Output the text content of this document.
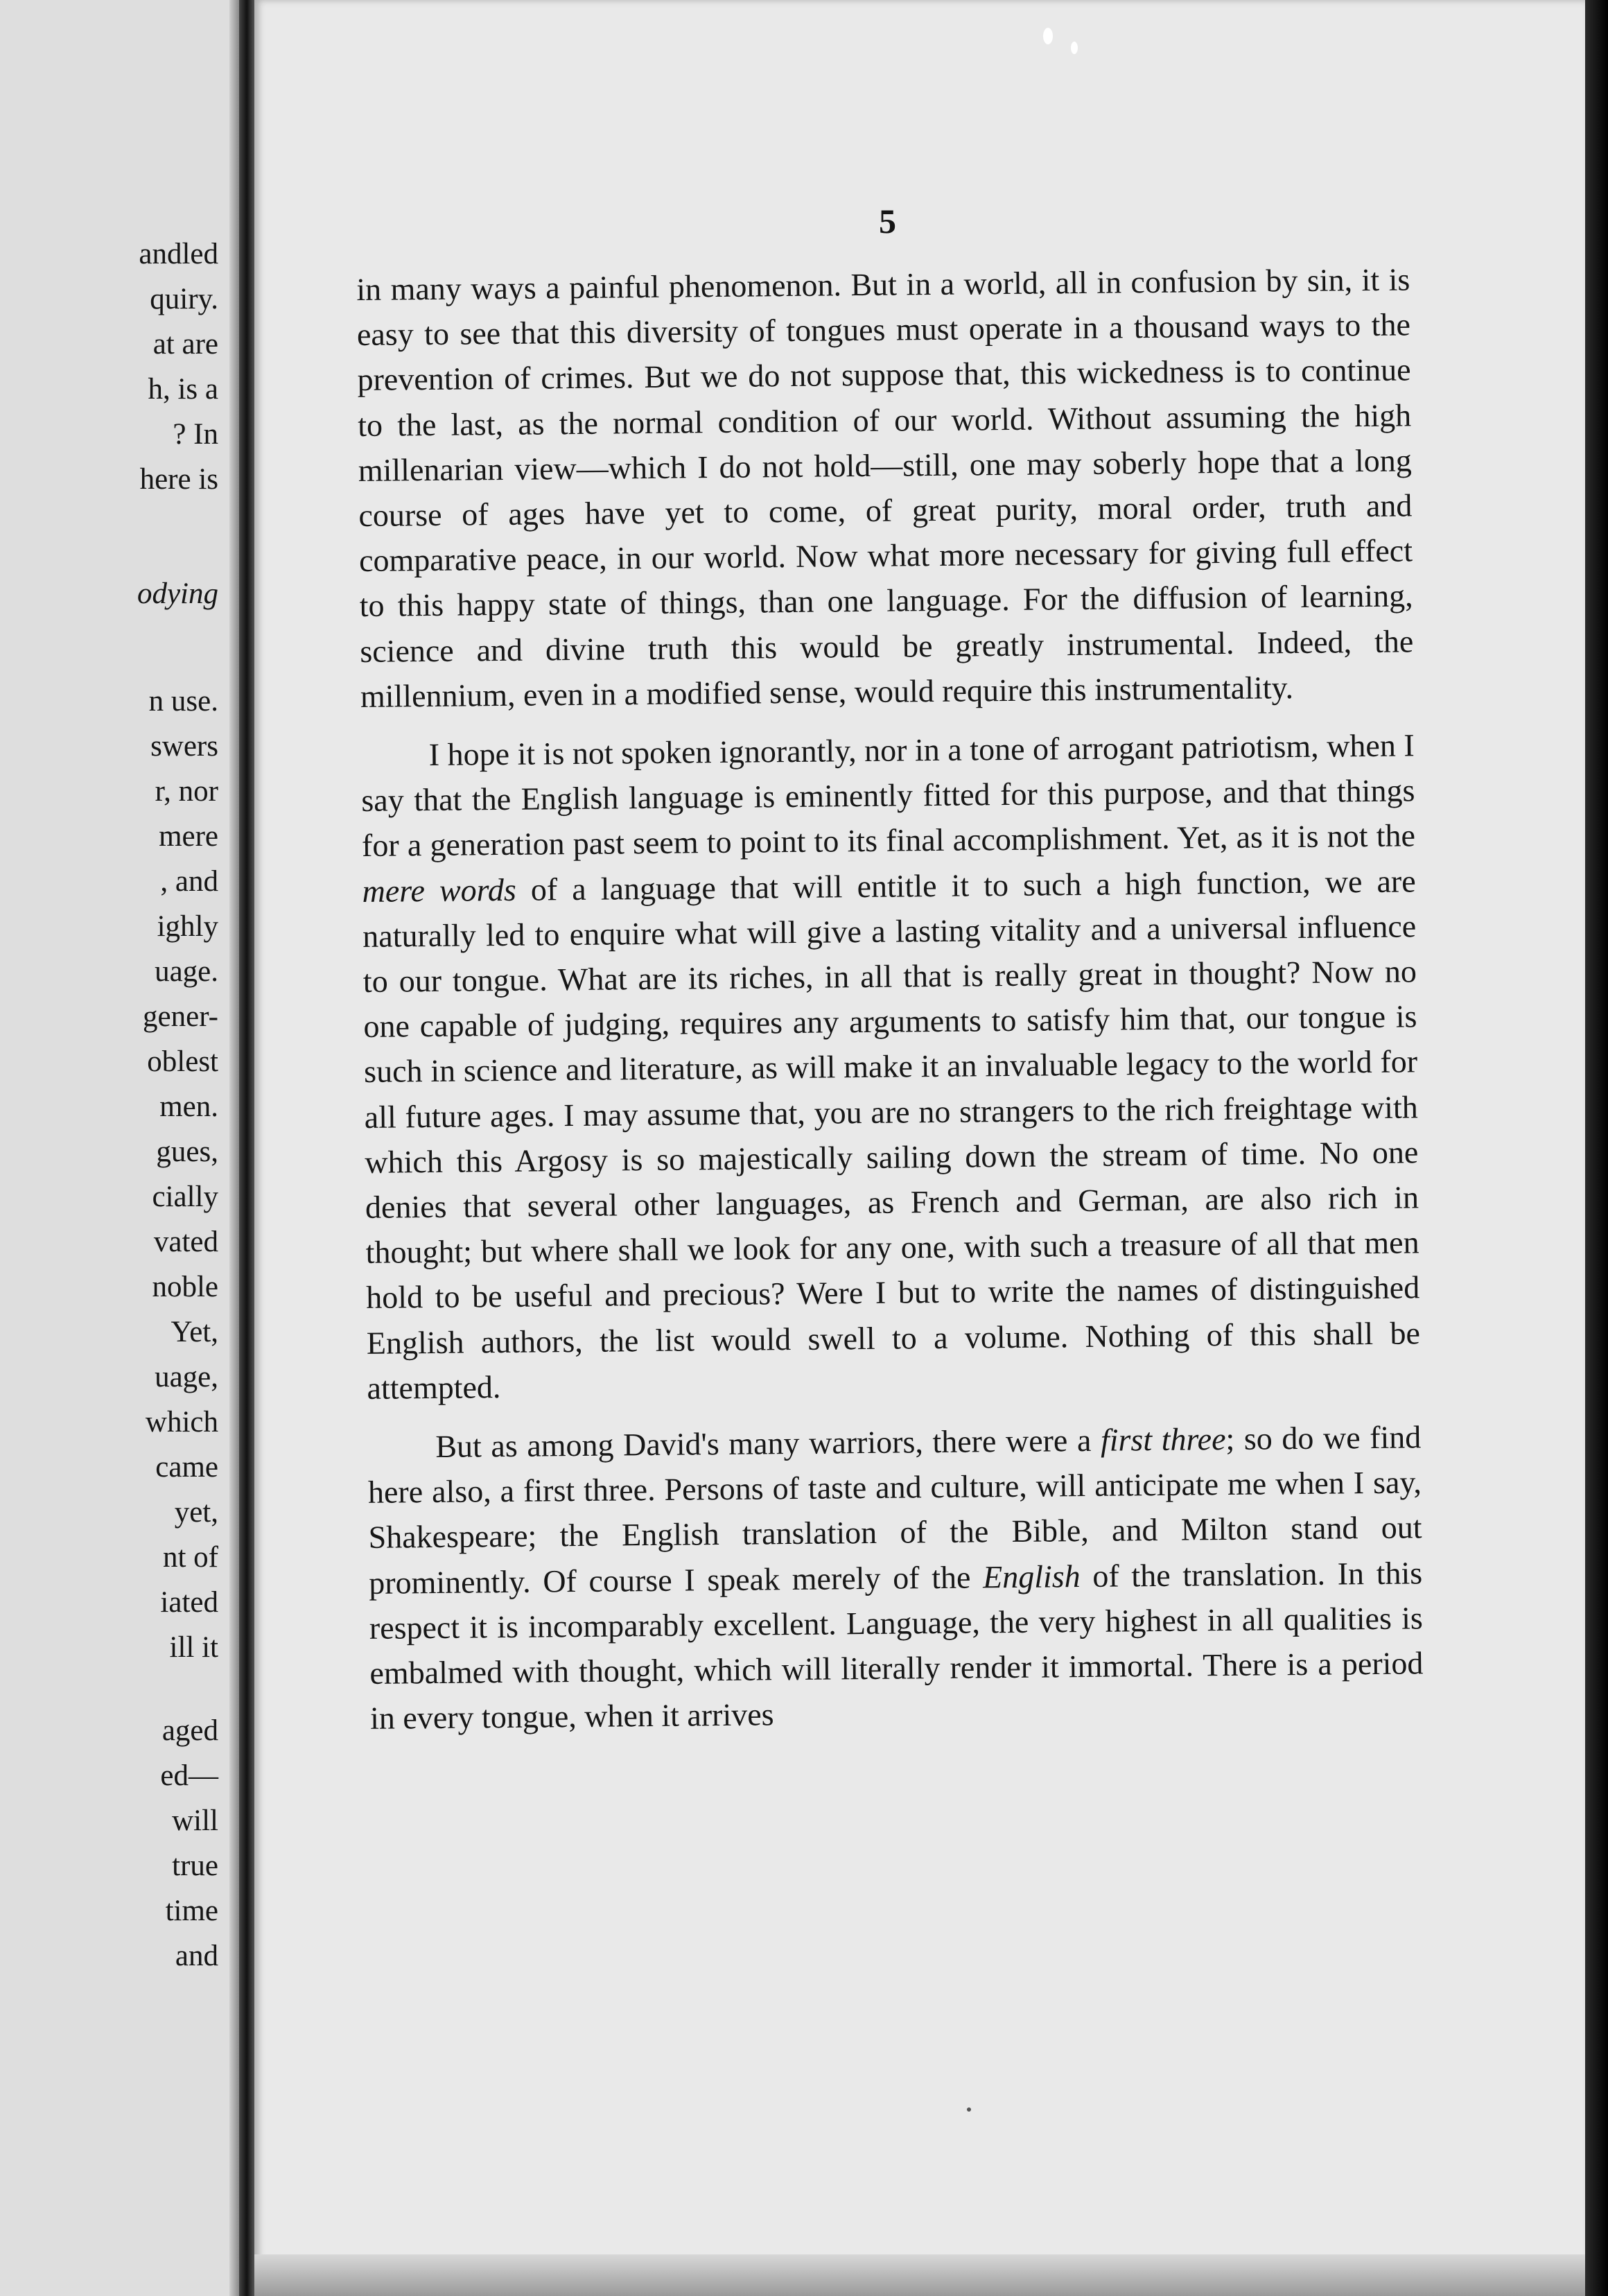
andled
quiry.
at are
h, is a
? In
here is
odying
n use.
swers
r, nor
mere
, and
ighly
uage.
gener-
oblest
men.
gues,
cially
vated
noble
Yet,
uage,
which
came
yet,
nt of
iated
ill it
aged
ed—
will
true
time
and
5

in many ways a painful phenomenon. But in a world, all in confusion by sin, it is easy to see that this diversity of tongues must operate in a thousand ways to the prevention of crimes. But we do not suppose that, this wickedness is to continue to the last, as the normal condition of our world. Without assuming the high millenarian view—which I do not hold—still, one may soberly hope that a long course of ages have yet to come, of great purity, moral order, truth and comparative peace, in our world. Now what more necessary for giving full effect to this happy state of things, than one language. For the diffusion of learning, science and divine truth this would be greatly instrumental. Indeed, the millennium, even in a modified sense, would require this instrumentality.

I hope it is not spoken ignorantly, nor in a tone of arrogant patriotism, when I say that the English language is eminently fitted for this purpose, and that things for a generation past seem to point to its final accomplishment. Yet, as it is not the mere words of a language that will entitle it to such a high function, we are naturally led to enquire what will give a lasting vitality and a universal influence to our tongue. What are its riches, in all that is really great in thought? Now no one capable of judging, requires any arguments to satisfy him that, our tongue is such in science and literature, as will make it an invaluable legacy to the world for all future ages. I may assume that, you are no strangers to the rich freightage with which this Argosy is so majestically sailing down the stream of time. No one denies that several other languages, as French and German, are also rich in thought; but where shall we look for any one, with such a treasure of all that men hold to be useful and precious? Were I but to write the names of distinguished English authors, the list would swell to a volume. Nothing of this shall be attempted.

But as among David's many warriors, there were a first three; so do we find here also, a first three. Persons of taste and culture, will anticipate me when I say, Shakespeare; the English translation of the Bible, and Milton stand out prominently. Of course I speak merely of the English of the translation. In this respect it is incomparably excellent. Language, the very highest in all qualities is embalmed with thought, which will literally render it immortal. There is a period in every tongue, when it arrives
